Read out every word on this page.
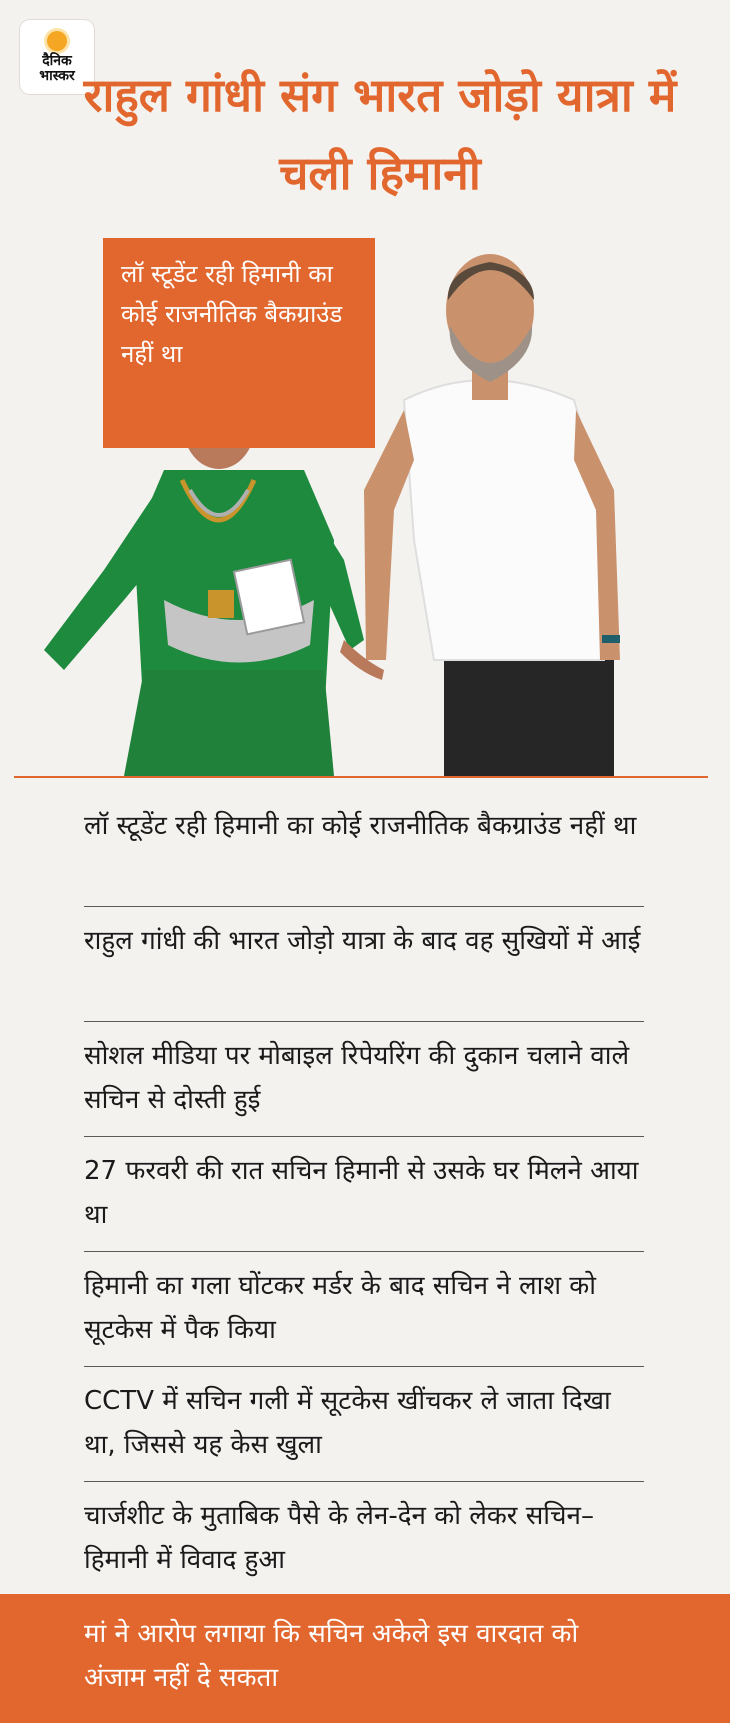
दैनिक
भास्कर राहुल गांधी संग भारत जोड़ो यात्रा में चली हिमानी
लॉ स्टूडेंट रही हिमानी का कोई राजनीतिक बैकग्राउंड नहीं था
लॉ स्टूडेंट रही हिमानी का कोई राजनीतिक बैकग्राउंड नहीं था
राहुल गांधी की भारत जोड़ो यात्रा के बाद वह सुखियों में आई
सोशल मीडिया पर मोबाइल रिपेयरिंग की दुकान चलाने वाले सचिन से दोस्ती हुई
27 फरवरी की रात सचिन हिमानी से उसके घर मिलने आया था
हिमानी का गला घोंटकर मर्डर के बाद सचिन ने लाश को सूटकेस में पैक किया
CCTV में सचिन गली में सूटकेस खींचकर ले जाता दिखा था, जिससे यह केस खुला
चार्जशीट के मुताबिक पैसे के लेन-देन को लेकर सचिन–हिमानी में विवाद हुआ
मां ने आरोप लगाया कि सचिन अकेले इस वारदात को अंजाम नहीं दे सकता
